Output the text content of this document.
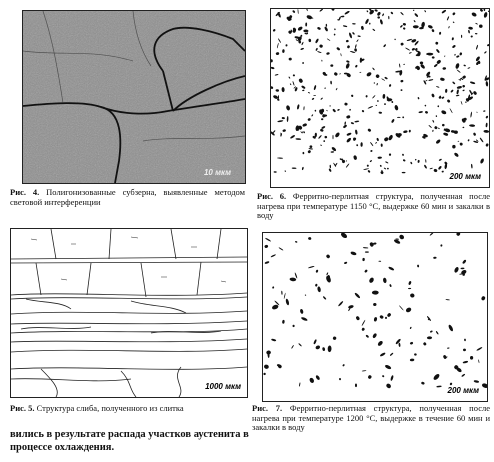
10 мкм
Рис. 4. Полигонизованные субзерна, выявленные методом световой интерференции
200 мкм
Рис. 6. Ферритно-перлитная структура, полученная после нагрева при температуре 1150 °С, выдержке 60 мин и закалки в воду
1000 мкм
Рис. 5. Структура слиба, полученного из слитка
200 мкм
Рис. 7. Ферритно-перлитная структура, полученная после нагрева при температуре 1200 °С, выдержке в течение 60 мин и закалки в воду
вились в результате распада участков аустенита в процессе охлаждения.
